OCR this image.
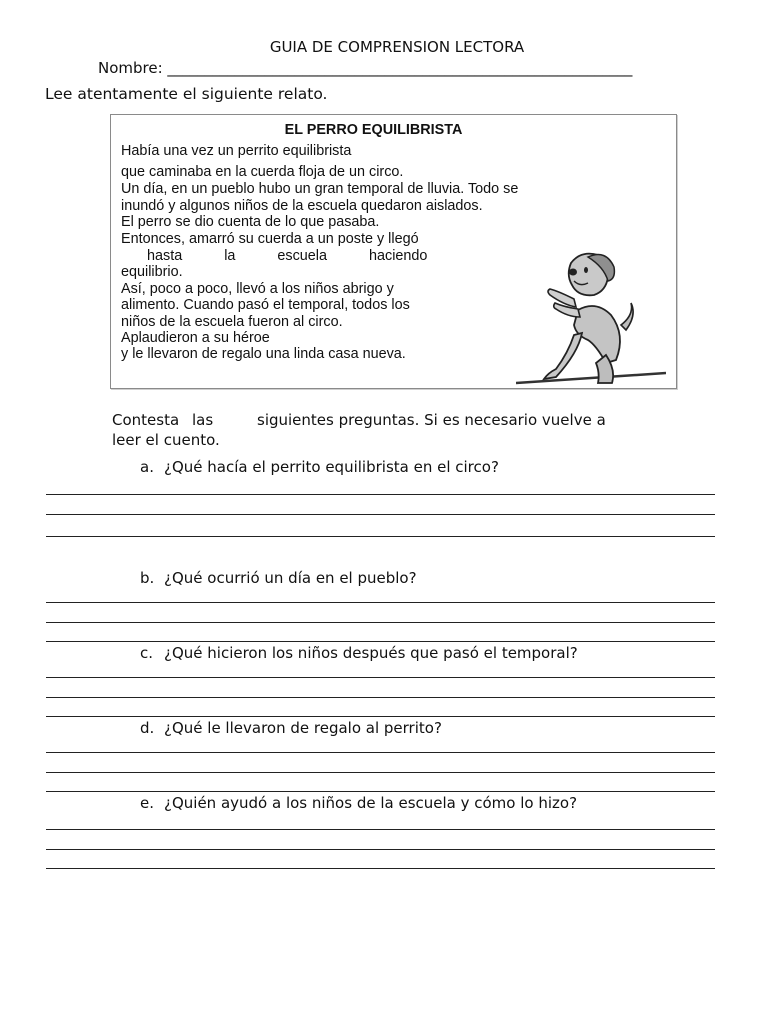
GUIA DE COMPRENSION LECTORA
Nombre: ______________________________________________________________
Lee atentamente el siguiente relato.
EL PERRO EQUILIBRISTA
Había una vez un perrito equilibrista
que caminaba en la cuerda floja de un circo.
Un día, en un pueblo hubo un gran temporal de lluvia. Todo se
inundó y algunos niños de la escuela quedaron aislados.
El perro se dio cuenta de lo que pasaba.
Entonces, amarró su cuerda a un poste y llegó
hasta la escuela haciendo
equilibrio.
Así, poco a poco, llevó a los niños abrigo y
alimento. Cuando pasó el temporal, todos los
niños de la escuela fueron al circo.
Aplaudieron a su héroe
y le llevaron de regalo una linda casa nueva.
Contesta las	siguientes preguntas. Si es necesario vuelve a
leer el cuento.
a. ¿Qué hacía el perrito equilibrista en el circo?
b. ¿Qué ocurrió un día en el pueblo?
c. ¿Qué hicieron los niños después que pasó el temporal?
d. ¿Qué le llevaron de regalo al perrito?
e. ¿Quién ayudó a los niños de la escuela y cómo lo hizo?
